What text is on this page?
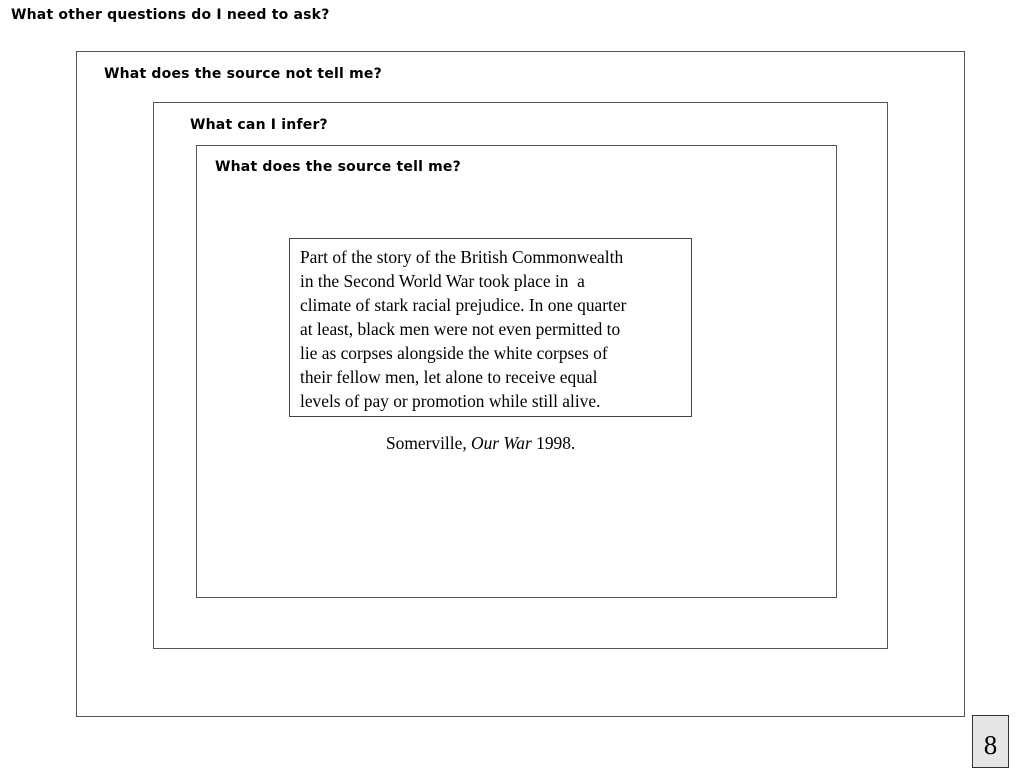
What other questions do I need to ask?
What does the source not tell me?
What can I infer?
What does the source tell me?
Part of the story of the British Commonwealth
in the Second World War took place in  a
climate of stark racial prejudice. In one quarter
at least, black men were not even permitted to
lie as corpses alongside the white corpses of
their fellow men, let alone to receive equal
levels of pay or promotion while still alive.
Somerville, Our War 1998.
8
